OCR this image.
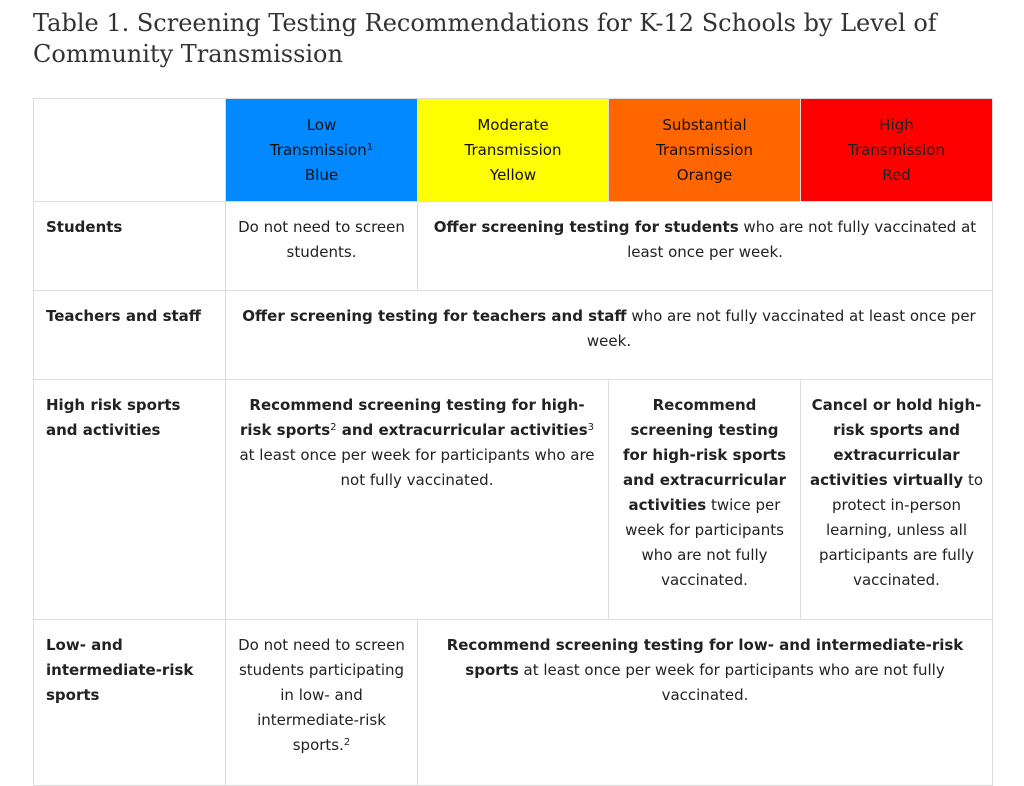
Table 1. Screening Testing Recommendations for K-12 Schools by Level of Community Transmission

	Low
Transmission$^1$
Blue	Moderate
Transmission
Yellow	Substantial
Transmission
Orange	High
Transmission
Red

Students	Do not need to screen students.	Offer screening testing for students who are not fully vaccinated at least once per week.		
Teachers and staff	Offer screening testing for teachers and staff who are not fully vaccinated at least once per week.			
High risk sports and activities	Recommend screening testing for high-risk sports$^2$ and extracurricular activities$^3$ at least once per week for participants who are not fully vaccinated.		Recommend screening testing for high-risk sports and extracurricular activities twice per week for participants who are not fully vaccinated.	Cancel or hold high-risk sports and extracurricular activities virtually to protect in-person learning, unless all participants are fully vaccinated.
Low- and intermediate-risk sports	Do not need to screen students participating in low- and intermediate-risk sports.$^2$	Recommend screening testing for low- and intermediate-risk sports at least once per week for participants who are not fully vaccinated.		
